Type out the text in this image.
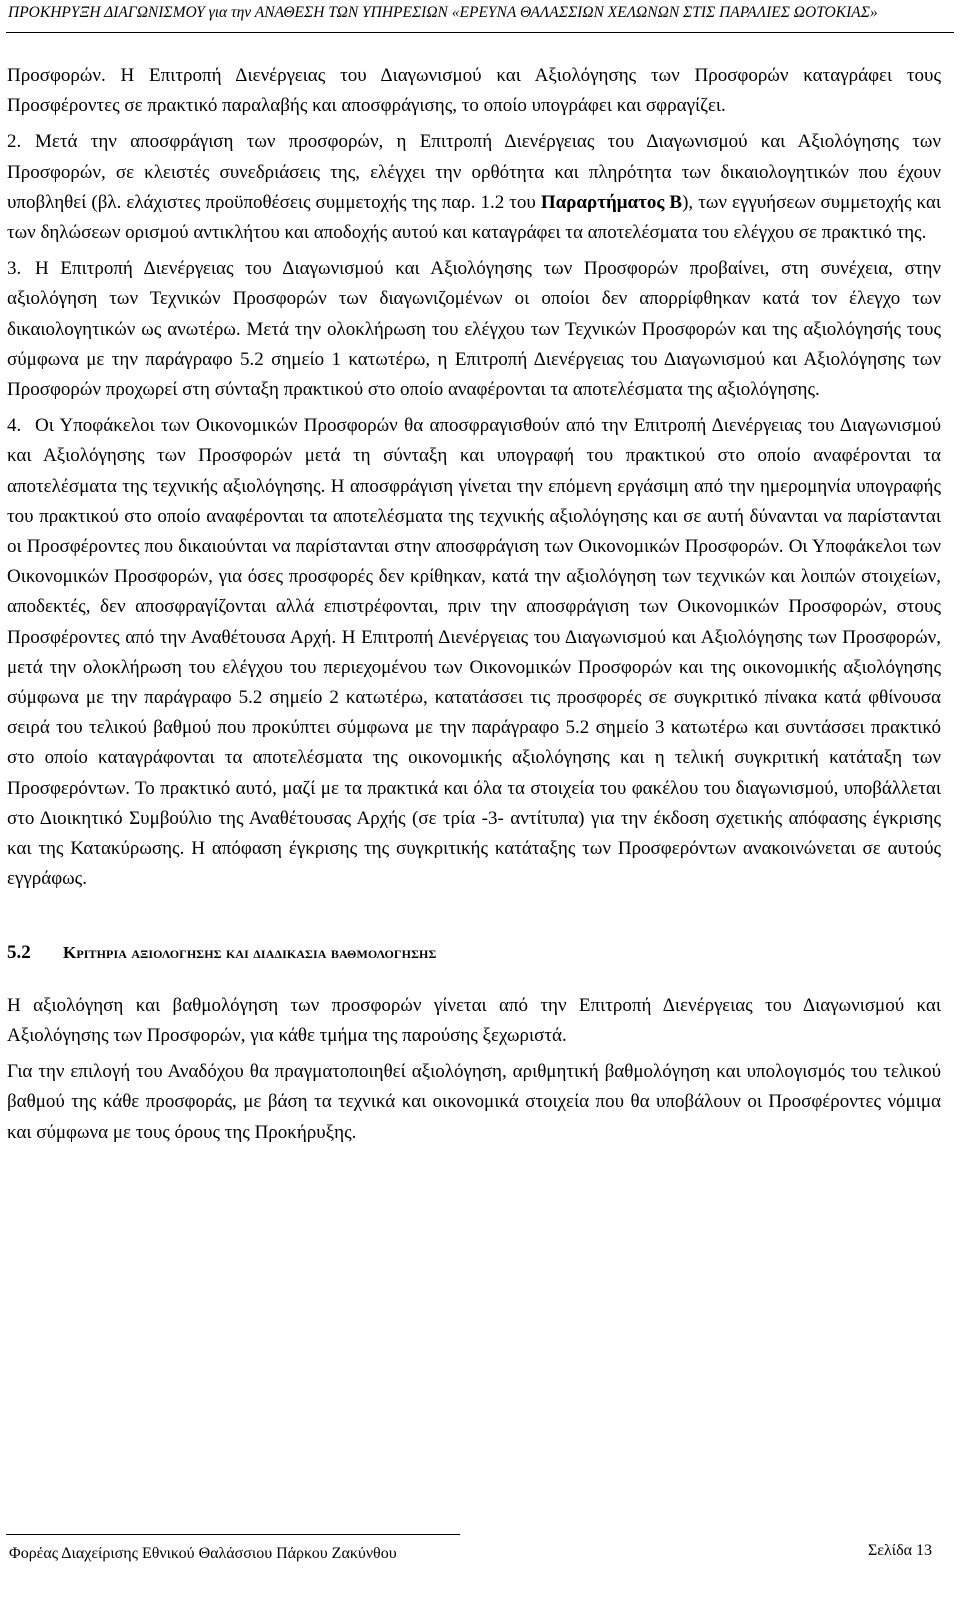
ΠΡΟΚΗΡΥΞΗ ΔΙΑΓΩΝΙΣΜΟΥ για την ΑΝΑΘΕΣΗ ΤΩΝ ΥΠΗΡΕΣΙΩΝ «ΕΡΕΥΝΑ ΘΑΛΑΣΣΙΩΝ ΧΕΛΩΝΩΝ ΣΤΙΣ ΠΑΡΑΛΙΕΣ ΩΟΤΟΚΙΑΣ»

Προσφορών. Η Επιτροπή Διενέργειας του Διαγωνισμού και Αξιολόγησης των Προσφορών καταγράφει τους Προσφέροντες σε πρακτικό παραλαβής και αποσφράγισης, το οποίο υπογράφει και σφραγίζει.

2. Μετά την αποσφράγιση των προσφορών, η Επιτροπή Διενέργειας του Διαγωνισμού και Αξιολόγησης των Προσφορών, σε κλειστές συνεδριάσεις της, ελέγχει την ορθότητα και πληρότητα των δικαιολογητικών που έχουν υποβληθεί (βλ. ελάχιστες προϋποθέσεις συμμετοχής της παρ. 1.2 του Παραρτήματος Β), των εγγυήσεων συμμετοχής και των δηλώσεων ορισμού αντικλήτου και αποδοχής αυτού και καταγράφει τα αποτελέσματα του ελέγχου σε πρακτικό της.

3. Η Επιτροπή Διενέργειας του Διαγωνισμού και Αξιολόγησης των Προσφορών προβαίνει, στη συνέχεια, στην αξιολόγηση των Τεχνικών Προσφορών των διαγωνιζομένων οι οποίοι δεν απορρίφθηκαν κατά τον έλεγχο των δικαιολογητικών ως ανωτέρω. Μετά την ολοκλήρωση του ελέγχου των Τεχνικών Προσφορών και της αξιολόγησής τους σύμφωνα με την παράγραφο 5.2 σημείο 1 κατωτέρω, η Επιτροπή Διενέργειας του Διαγωνισμού και Αξιολόγησης των Προσφορών προχωρεί στη σύνταξη πρακτικού στο οποίο αναφέρονται τα αποτελέσματα της αξιολόγησης.

4. Οι Υποφάκελοι των Οικονομικών Προσφορών θα αποσφραγισθούν από την Επιτροπή Διενέργειας του Διαγωνισμού και Αξιολόγησης των Προσφορών μετά τη σύνταξη και υπογραφή του πρακτικού στο οποίο αναφέρονται τα αποτελέσματα της τεχνικής αξιολόγησης. Η αποσφράγιση γίνεται την επόμενη εργάσιμη από την ημερομηνία υπογραφής του πρακτικού στο οποίο αναφέρονται τα αποτελέσματα της τεχνικής αξιολόγησης και σε αυτή δύνανται να παρίστανται οι Προσφέροντες που δικαιούνται να παρίστανται στην αποσφράγιση των Οικονομικών Προσφορών. Οι Υποφάκελοι των Οικονομικών Προσφορών, για όσες προσφορές δεν κρίθηκαν, κατά την αξιολόγηση των τεχνικών και λοιπών στοιχείων, αποδεκτές, δεν αποσφραγίζονται αλλά επιστρέφονται, πριν την αποσφράγιση των Οικονομικών Προσφορών, στους Προσφέροντες από την Αναθέτουσα Αρχή. Η Επιτροπή Διενέργειας του Διαγωνισμού και Αξιολόγησης των Προσφορών, μετά την ολοκλήρωση του ελέγχου του περιεχομένου των Οικονομικών Προσφορών και της οικονομικής αξιολόγησης σύμφωνα με την παράγραφο 5.2 σημείο 2 κατωτέρω, κατατάσσει τις προσφορές σε συγκριτικό πίνακα κατά φθίνουσα σειρά του τελικού βαθμού που προκύπτει σύμφωνα με την παράγραφο 5.2 σημείο 3 κατωτέρω και συντάσσει πρακτικό στο οποίο καταγράφονται τα αποτελέσματα της οικονομικής αξιολόγησης και η τελική συγκριτική κατάταξη των Προσφερόντων. Το πρακτικό αυτό, μαζί με τα πρακτικά και όλα τα στοιχεία του φακέλου του διαγωνισμού, υποβάλλεται στο Διοικητικό Συμβούλιο της Αναθέτουσας Αρχής (σε τρία -3- αντίτυπα) για την έκδοση σχετικής απόφασης έγκρισης και της Κατακύρωσης. Η απόφαση έγκρισης της συγκριτικής κατάταξης των Προσφερόντων ανακοινώνεται σε αυτούς εγγράφως.

5.2 Κριτηρια αξιολογησης και διαδικασια βαθμολογησης

Η αξιολόγηση και βαθμολόγηση των προσφορών γίνεται από την Επιτροπή Διενέργειας του Διαγωνισμού και Αξιολόγησης των Προσφορών, για κάθε τμήμα της παρούσης ξεχωριστά.

Για την επιλογή του Αναδόχου θα πραγματοποιηθεί αξιολόγηση, αριθμητική βαθμολόγηση και υπολογισμός του τελικού βαθμού της κάθε προσφοράς, με βάση τα τεχνικά και οικονομικά στοιχεία που θα υποβάλουν οι Προσφέροντες νόμιμα και σύμφωνα με τους όρους της Προκήρυξης.

Φορέας Διαχείρισης Εθνικού Θαλάσσιου Πάρκου Ζακύνθου	Σελίδα 13
